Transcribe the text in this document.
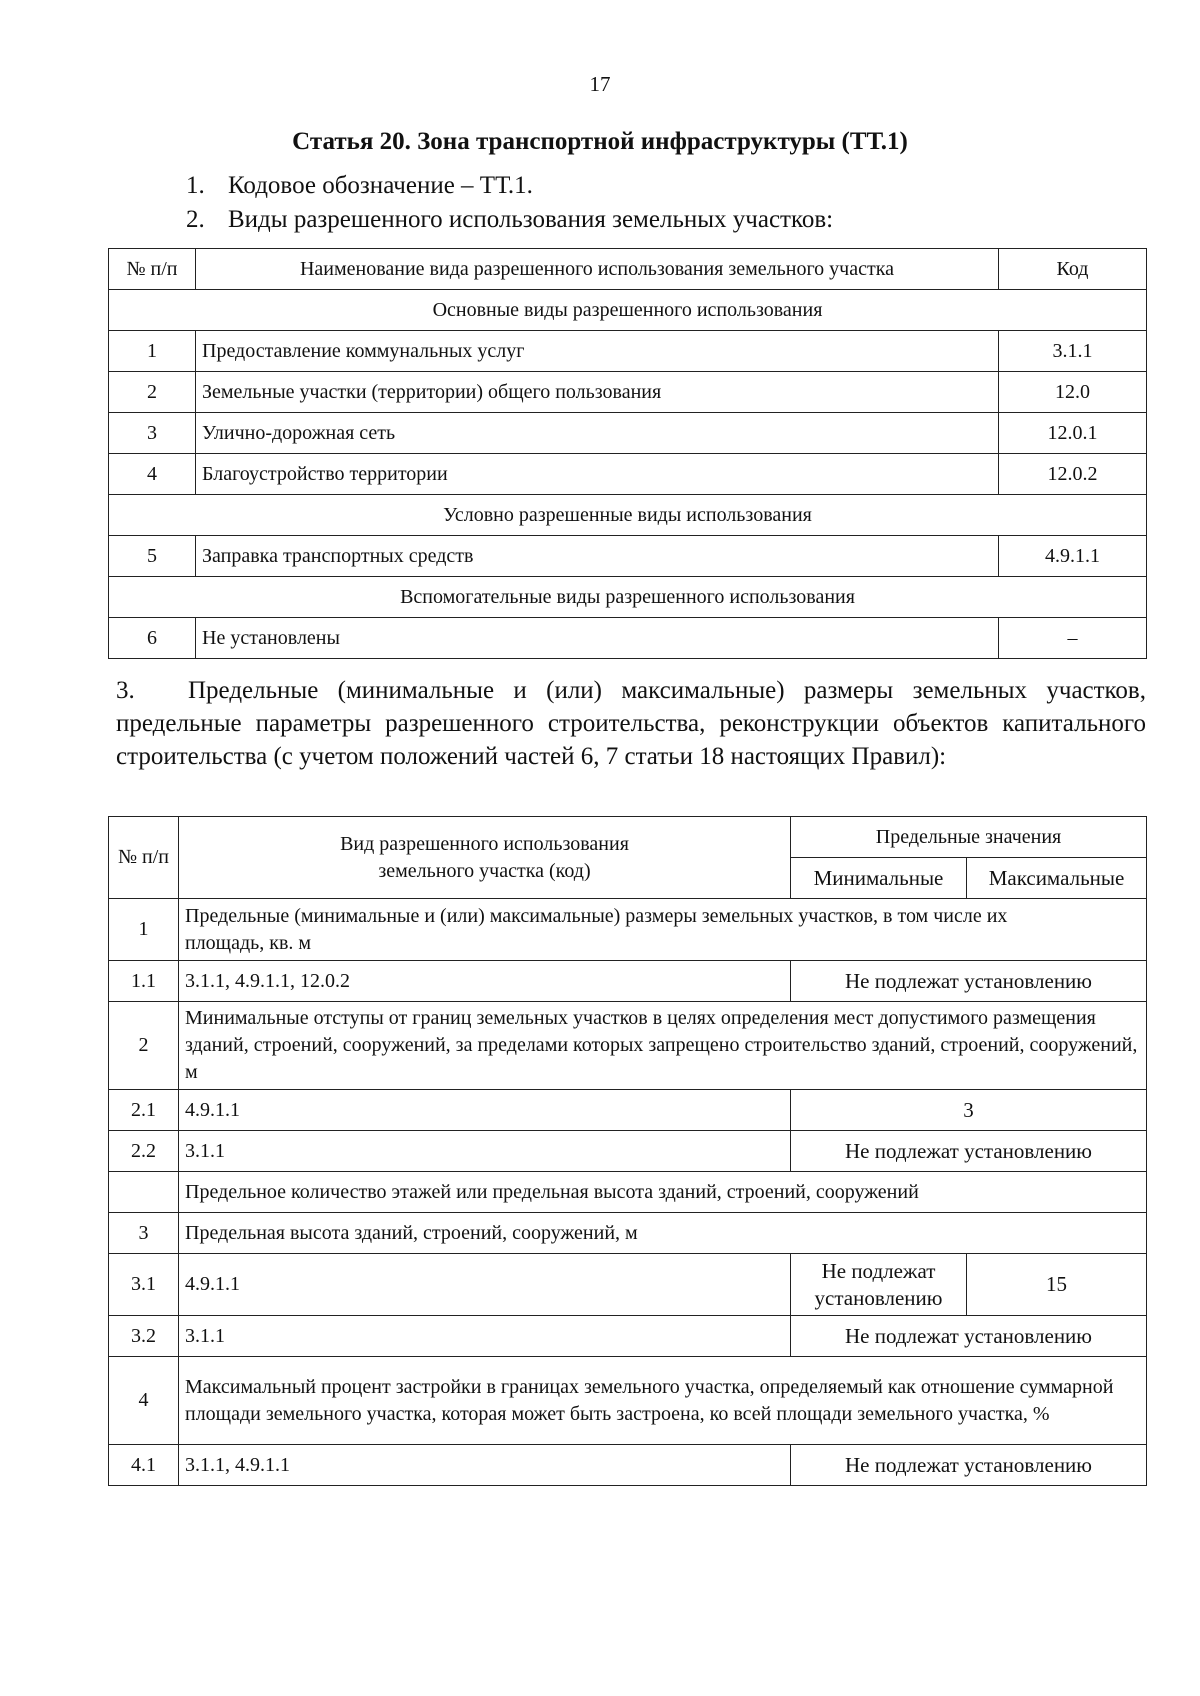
17
Статья 20. Зона транспортной инфраструктуры (ТТ.1)
1. Кодовое обозначение – ТТ.1.
2. Виды разрешенного использования земельных участков:
№ п/п	Наименование вида разрешенного использования земельного участка	Код
Основные виды разрешенного использования		
1	Предоставление коммунальных услуг	3.1.1
2	Земельные участки (территории) общего пользования	12.0
3	Улично-дорожная сеть	12.0.1
4	Благоустройство территории	12.0.2
Условно разрешенные виды использования		
5	Заправка транспортных средств	4.9.1.1
Вспомогательные виды разрешенного использования		
6	Не установлены	–
3. Предельные (минимальные и (или) максимальные) размеры земельных участков, предельные параметры разрешенного строительства, реконструкции объектов капитального строительства (с учетом положений частей 6, 7 статьи 18 настоящих Правил):
№ п/п	Вид разрешенного использования земельного участка (код)	Предельные значения	
		Минимальные	Максимальные
1	Предельные (минимальные и (или) максимальные) размеры земельных участков, в том числе их площадь, кв. м		
1.1	3.1.1, 4.9.1.1, 12.0.2	Не подлежат установлению	
2	Минимальные отступы от границ земельных участков в целях определения мест допустимого размещения зданий, строений, сооружений, за пределами которых запрещено строительство зданий, строений, сооружений, м		
2.1	4.9.1.1	3	
2.2	3.1.1	Не подлежат установлению	
	Предельное количество этажей или предельная высота зданий, строений, сооружений		
3	Предельная высота зданий, строений, сооружений, м		
3.1	4.9.1.1	Не подлежат установлению	15
3.2	3.1.1	Не подлежат установлению	
4	Максимальный процент застройки в границах земельного участка, определяемый как отношение суммарной площади земельного участка, которая может быть застроена, ко всей площади земельного участка, %		
4.1	3.1.1, 4.9.1.1	Не подлежат установлению	
